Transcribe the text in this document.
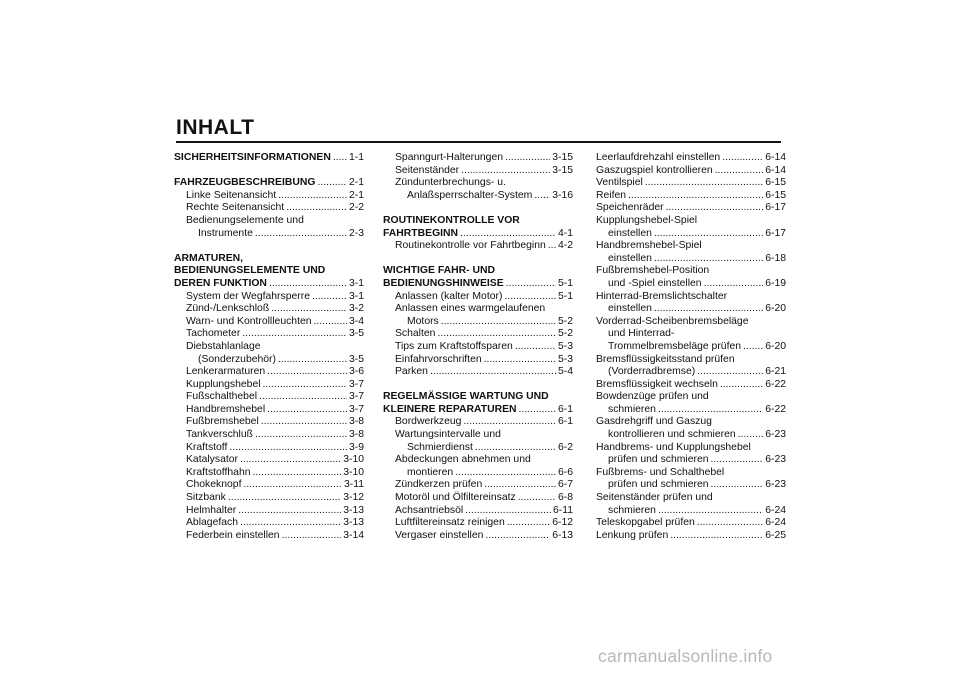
INHALT
SICHERHEITSINFORMATIONEN ..... 1-1
FAHRZEUGBESCHREIBUNG .....	2-1
Linke Seitenansicht .....	2-1
Rechte Seitenansicht .....	2-2
Bedienungselemente und
Instrumente .....	2-3
ARMATUREN,
BEDIENUNGSELEMENTE UND
DEREN FUNKTION .....	3-1
System der Wegfahrsperre .....	3-1
Zünd-/Lenkschloß .....	3-2
Warn- und Kontrollleuchten .....	3-4
Tachometer .....	3-5
Diebstahlanlage
(Sonderzubehör) .....	3-5
Lenkerarmaturen .....	3-6
Kupplungshebel .....	3-7
Fußschalthebel .....	3-7
Handbremshebel .....	3-7
Fußbremshebel .....	3-8
Tankverschluß .....	3-8
Kraftstoff .....	3-9
Katalysator .....	3-10
Kraftstoffhahn .....	3-10
Chokeknopf .....	3-11
Sitzbank .....	3-12
Helmhalter .....	3-13
Ablagefach .....	3-13
Federbein einstellen .....	3-14
Spanngurt-Halterungen .....	3-15
Seitenständer .....	3-15
Zündunterbrechungs- u.
Anlaßsperrschalter-System ..... 3-16
ROUTINEKONTROLLE VOR
FAHRTBEGINN .....	4-1
Routinekontrolle vor Fahrtbeginn ..... 4-2
WICHTIGE FAHR- UND
BEDIENUNGSHINWEISE .....	5-1
Anlassen (kalter Motor) .....	5-1
Anlassen eines warmgelaufenen
Motors .....	5-2
Schalten .....	5-2
Tips zum Kraftstoffsparen .....	5-3
Einfahrvorschriften .....	5-3
Parken .....	5-4
REGELMÄSSIGE WARTUNG UND
KLEINERE REPARATUREN .....	6-1
Bordwerkzeug .....	6-1
Wartungsintervalle und
Schmierdienst .....	6-2
Abdeckungen abnehmen und
montieren .....	6-6
Zündkerzen prüfen .....	6-7
Motoröl und Ölfiltereinsatz .....	6-8
Achsantriebsöl .....	6-11
Luftfiltereinsatz reinigen .....	6-12
Vergaser einstellen .....	6-13
Leerlaufdrehzahl einstellen .....	6-14
Gaszugspiel kontrollieren .....	6-14
Ventilspiel .....	6-15
Reifen .....	6-15
Speichenräder .....	6-17
Kupplungshebel-Spiel
einstellen .....	6-17
Handbremshebel-Spiel
einstellen .....	6-18
Fußbremshebel-Position
und -Spiel einstellen .....	6-19
Hinterrad-Bremslichtschalter
einstellen .....	6-20
Vorderrad-Scheibenbremsbeläge
und Hinterrad-
Trommelbremsbeläge prüfen ..... 6-20
Bremsflüssigkeitsstand prüfen
(Vorderradbremse) .....	6-21
Bremsflüssigkeit wechseln .....	6-22
Bowdenzüge prüfen und
schmieren .....	6-22
Gasdrehgriff und Gaszug
kontrollieren und schmieren .....	6-23
Handbrems- und Kupplungshebel
prüfen und schmieren .....	6-23
Fußbrems- und Schalthebel
prüfen und schmieren .....	6-23
Seitenständer prüfen und
schmieren .....	6-24
Teleskopgabel prüfen .....	6-24
Lenkung prüfen .....	6-25
carmanualsonline.info
